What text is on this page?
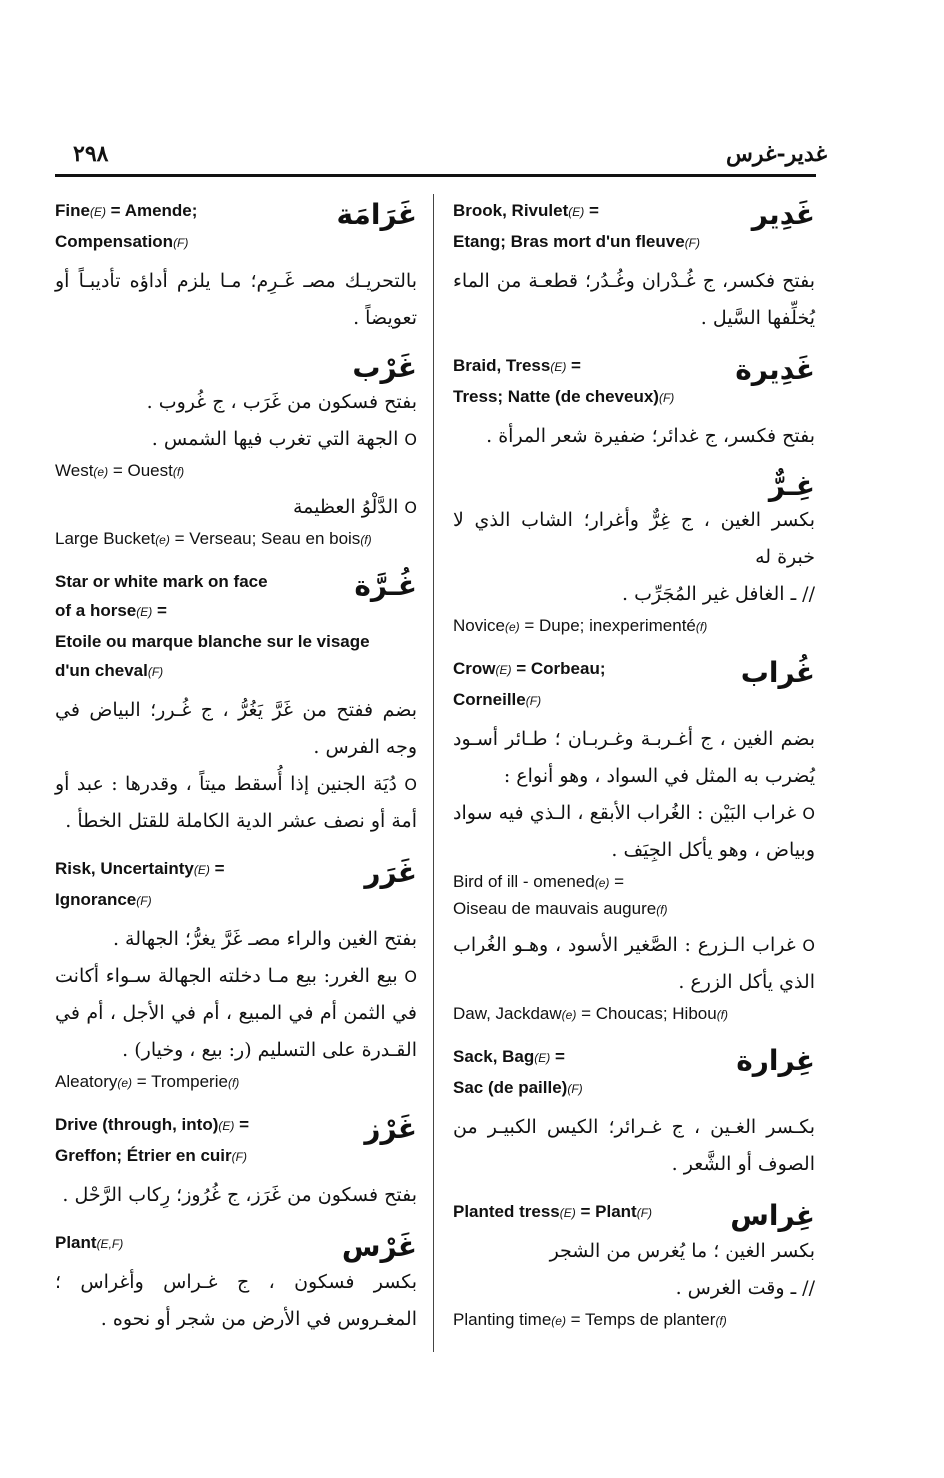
٢٩٨	غدير-غرس
غَرَامَة
Fine(E) = Amende;
Compensation(F)
بالتحريـك مصـ غَـرِم؛ مـا يلزم أداؤه تأديبـاً أو تعويضاً .
غَرْب
بفتح فسكون من غَرَب ، ج غُروب .
O الجهة التي تغرب فيها الشمس .
West(e) = Ouest(f)
O الدَّلْوُ العظيمة
Large Bucket(e) = Verseau; Seau en bois(f)
غُـرَّة
Star or white mark on face
of a horse(E) =
Etoile ou marque blanche sur le visage
d'un cheval(F)
بضم ففتح من غَرَّ يَغُرُّ ، ج غُـرر؛ البياض في وجه الفرس .
O دُيَة الجنين إذا أُسقط ميتاً ، وقدرها : عبد أو أمة أو نصف عشر الدية الكاملة للقتل الخطأ .
غَرَر
Risk, Uncertainty(E) =
Ignorance(F)
بفتح الغين والراء مصـ غَرَّ يغرُّ؛ الجهالة .
O بيع الغرر: بيع مـا دخلته الجهالة سـواء أكانت في الثمن أم في المبيع ، أم في الأجل ، أم في القـدرة على التسليم (ر: بيع ، وخيار) .
Aleatory(e) = Tromperie(f)
غَرْز
Drive (through, into)(E) =
Greffon; Étrier en cuir(F)
بفتح فسكون من غَرَز، ج غُرُوز؛ رِكاب الرَّحْل .
غَرْس
Plant(E,F)
بكسر فسكون ، ج غـراس وأغراس ؛ المغـروس في الأرض من شجر أو نحوه .
غَدِير
Brook, Rivulet(E) =
Etang; Bras mort d'un fleuve(F)
بفتح فكسر، ج غُـدْران وغُـدُر؛ قطعـة من الماء يُخلِّفها السَّيل .
غَدِيرة
Braid, Tress(E) =
Tress; Natte (de cheveux)(F)
بفتح فكسر، ج غدائر؛ ضفيرة شعر المرأة .
غِـرٌّ
بكسر الغين ، ج غِرٌّ وأغرار؛ الشاب الذي لا خبرة له
// ـ الغافل غير المُجَرِّب .
Novice(e) = Dupe; inexperimenté(f)
غُراب
Crow(E) = Corbeau;
Corneille(F)
بضم الغين ، ج أغـربـة وغـربـان ؛ طـائر أسـود يُضرب به المثل في السواد ، وهو أنواع :
O غراب البَيْن : الغُراب الأبقع ، الـذي فيه سواد وبياض ، وهو يأكل الجِيَف .
Bird of ill - omened(e) =
Oiseau de mauvais augure(f)
O غراب الـزرع : الصَّغير الأسود ، وهـو الغُراب الذي يأكل الزرع .
Daw, Jackdaw(e) = Choucas; Hibou(f)
غِرارة
Sack, Bag(E) =
Sac (de paille)(F)
بكـسر الغـين ، ج غـرائر؛ الكيس الكبيـر من الصوف أو الشَّعر .
غِراس
Planted tress(E) = Plant(F)
بكسر الغين ؛ ما يُغرس من الشجر
// ـ وقت الغرس .
Planting time(e) = Temps de planter(f)
